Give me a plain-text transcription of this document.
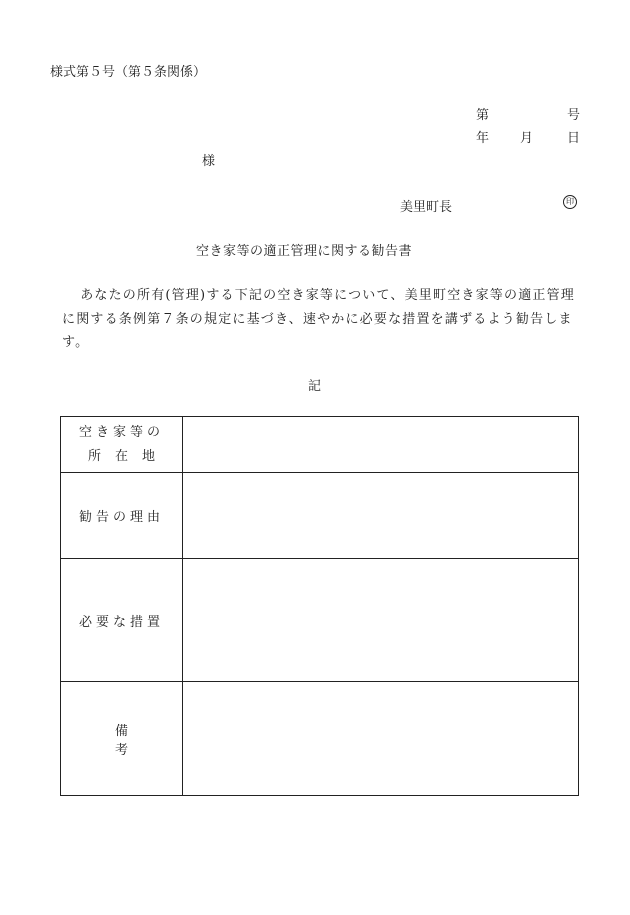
様式第５号（第５条関係）
第	号
年 月	日
様
美里町長	印
空き家等の適正管理に関する勧告書

あなたの所有(管理)する下記の空き家等について、美里町空き家等の適正管理に関する条例第７条の規定に基づき、速やかに必要な措置を講ずるよう勧告します。

記
空き家等の
所在地	

勧告の理由	

必要な措置	

備考	
